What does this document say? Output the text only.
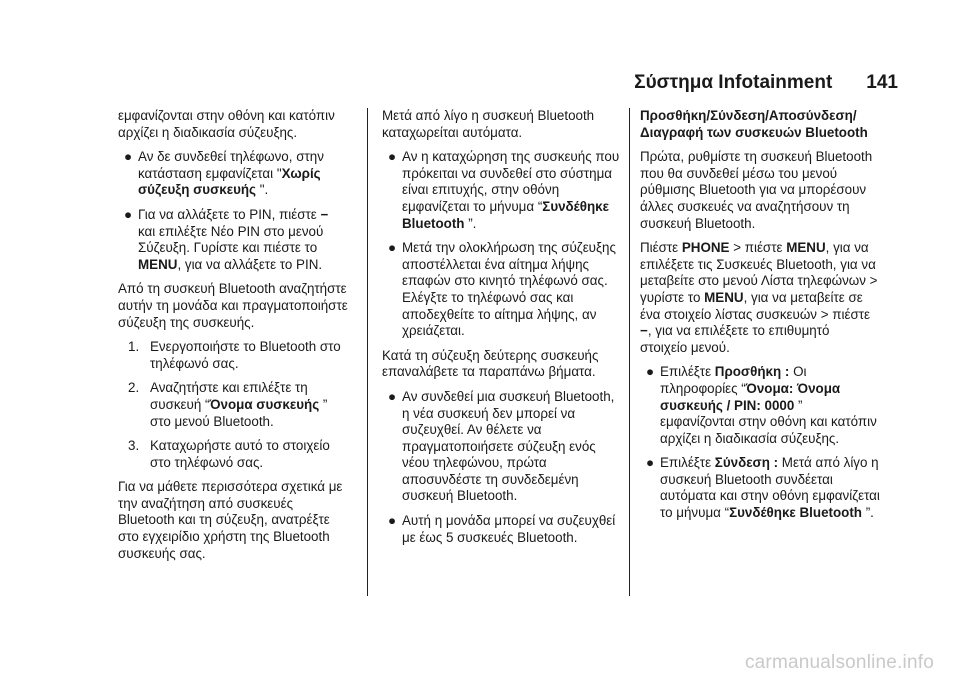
Σύστημα Infotainment 141

εμφανίζονται στην οθόνη και κατόπιν αρχίζει η διαδικασία σύζευξης.

● Αν δε συνδεθεί τηλέφωνο, στην κατάσταση εμφανίζεται "Χωρίς σύζευξη συσκευής ".
● Για να αλλάξετε το PIN, πιέστε − και επιλέξτε Νέο PIN στο μενού Σύζευξη. Γυρίστε και πιέστε το MENU, για να αλλάξετε το PIN.

Από τη συσκευή Bluetooth αναζητήστε αυτήν τη μονάδα και πραγματοποιήστε σύζευξη της συσκευής.

1. Ενεργοποιήστε το Bluetooth στο τηλέφωνό σας.
2. Αναζητήστε και επιλέξτε τη συσκευή “Όνομα συσκευής ” στο μενού Bluetooth.
3. Καταχωρήστε αυτό το στοιχείο στο τηλέφωνό σας.

Για να μάθετε περισσότερα σχετικά με την αναζήτηση από συσκευές Bluetooth και τη σύζευξη, ανατρέξτε στο εγχειρίδιο χρήστη της Bluetooth συσκευής σας.

Μετά από λίγο η συσκευή Bluetooth καταχωρείται αυτόματα.

● Αν η καταχώρηση της συσκευής που πρόκειται να συνδεθεί στο σύστημα είναι επιτυχής, στην οθόνη εμφανίζεται το μήνυμα “Συνδέθηκε Bluetooth ”.
● Μετά την ολοκλήρωση της σύζευξης αποστέλλεται ένα αίτημα λήψης επαφών στο κινητό τηλέφωνό σας. Ελέγξτε το τηλέφωνό σας και αποδεχθείτε το αίτημα λήψης, αν χρειάζεται.

Κατά τη σύζευξη δεύτερης συσκευής επαναλάβετε τα παραπάνω βήματα.

● Αν συνδεθεί μια συσκευή Bluetooth, η νέα συσκευή δεν μπορεί να συζευχθεί. Αν θέλετε να πραγματοποιήσετε σύζευξη ενός νέου τηλεφώνου, πρώτα αποσυνδέστε τη συνδεδεμένη συσκευή Bluetooth.
● Αυτή η μονάδα μπορεί να συζευχθεί με έως 5 συσκευές Bluetooth.

Προσθήκη/Σύνδεση/Αποσύνδεση/ Διαγραφή των συσκευών Bluetooth

Πρώτα, ρυθμίστε τη συσκευή Bluetooth που θα συνδεθεί μέσω του μενού ρύθμισης Bluetooth για να μπορέσουν άλλες συσκευές να αναζητήσουν τη συσκευή Bluetooth.

Πιέστε PHONE > πιέστε MENU, για να επιλέξετε τις Συσκευές Bluetooth, για να μεταβείτε στο μενού Λίστα τηλεφώνων > γυρίστε το MENU, για να μεταβείτε σε ένα στοιχείο λίστας συσκευών > πιέστε −, για να επιλέξετε το επιθυμητό στοιχείο μενού.

● Επιλέξτε Προσθήκη : Οι πληροφορίες “Όνομα: Όνομα συσκευής / PIN: 0000 ” εμφανίζονται στην οθόνη και κατόπιν αρχίζει η διαδικασία σύζευξης.
● Επιλέξτε Σύνδεση : Μετά από λίγο η συσκευή Bluetooth συνδέεται αυτόματα και στην οθόνη εμφανίζεται το μήνυμα “Συνδέθηκε Bluetooth ”.
carmanualsonline.info
